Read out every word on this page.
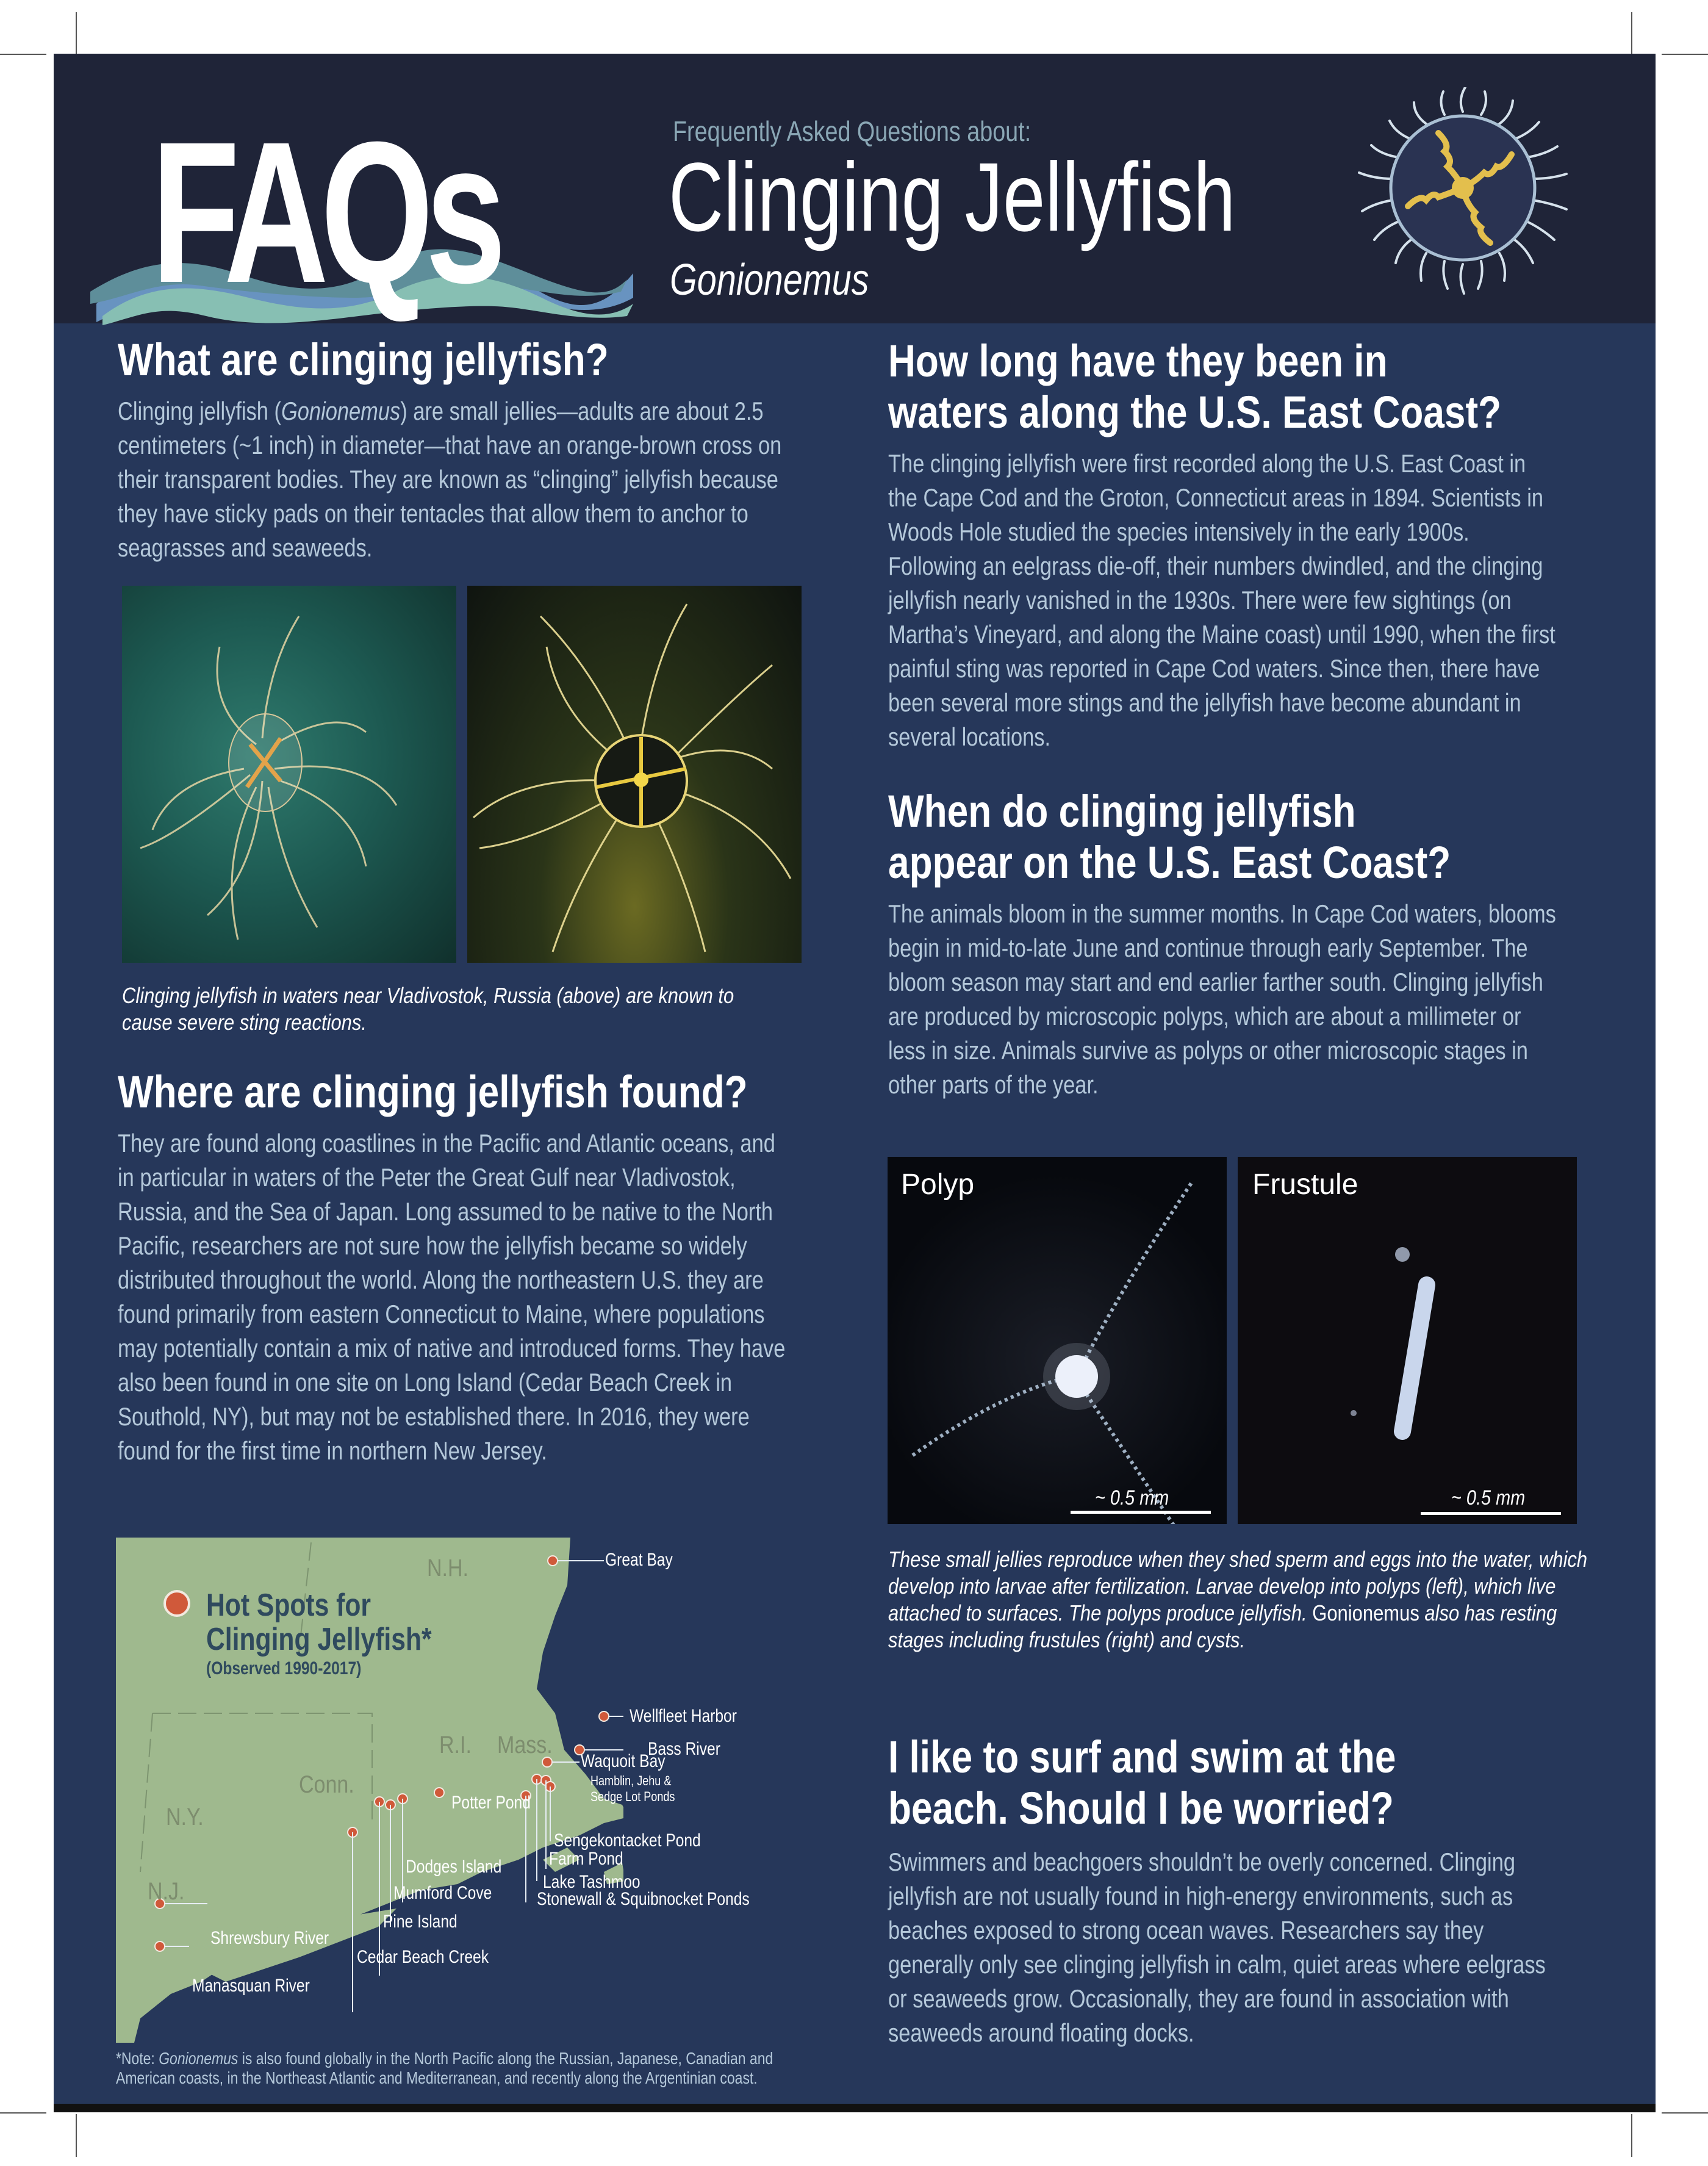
FAQs	Frequently Asked Questions about:
Clinging Jellyfish
Gonionemus
What are clinging jellyfish?

Clinging jellyfish (Gonionemus) are small jellies—adults are about 2.5 centimeters (~1 inch) in diameter—that have an orange-brown cross on their transparent bodies. They are known as “clinging” jellyfish because they have sticky pads on their tentacles that allow them to anchor to seagrasses and seaweeds.

Clinging jellyfish in waters near Vladivostok, Russia (above) are known to cause severe sting reactions.

Where are clinging jellyfish found?

They are found along coastlines in the Pacific and Atlantic oceans, and in particular in waters of the Peter the Great Gulf near Vladivostok, Russia, and the Sea of Japan. Long assumed to be native to the North Pacific, researchers are not sure how the jellyfish became so widely distributed throughout the world. Along the northeastern U.S. they are found primarily from eastern Connecticut to Maine, where populations may potentially contain a mix of native and introduced forms. They have also been found in one site on Long Island (Cedar Beach Creek in Southold, NY), but may not be established there. In 2016, they were found for the first time in northern New Jersey.

Hot Spots for
Clinging Jellyfish*
(Observed 1990-2017)
N.H.
R.I. Mass.
Conn.
N.Y.
N.J.
Great Bay
Wellfleet Harbor
Bass River
Waquoit Bay
Hamblin, Jehu &
Sedge Lot Ponds
Potter Pond
Sengekontacket Pond
Farm Pond
Dodges Island
Lake Tashmoo
Mumford Cove Stonewall & Squibnocket Ponds
Pine Island
Shrewsbury River
Cedar Beach Creek
Manasquan River
*Note: Gonionemus is also found globally in the North Pacific along the Russian, Japanese, Canadian and American coasts, in the Northeast Atlantic and Mediterranean, and recently along the Argentinian coast.
How long have they been in
waters along the U.S. East Coast?

The clinging jellyfish were first recorded along the U.S. East Coast in the Cape Cod and the Groton, Connecticut areas in 1894. Scientists in Woods Hole studied the species intensively in the early 1900s. Following an eelgrass die-off, their numbers dwindled, and the clinging jellyfish nearly vanished in the 1930s. There were few sightings (on Martha’s Vineyard, and along the Maine coast) until 1990, when the first painful sting was reported in Cape Cod waters. Since then, there have been several more stings and the jellyfish have become abundant in several locations.

When do clinging jellyfish
appear on the U.S. East Coast?

The animals bloom in the summer months. In Cape Cod waters, blooms begin in mid-to-late June and continue through early September. The bloom season may start and end earlier farther south. Clinging jellyfish are produced by microscopic polyps, which are about a millimeter or less in size. Animals survive as polyps or other microscopic stages in other parts of the year.

Polyp
~ 0.5 mm
Frustule
~ 0.5 mm

These small jellies reproduce when they shed sperm and eggs into the water, which develop into larvae after fertilization. Larvae develop into polyps (left), which live attached to surfaces. The polyps produce jellyfish. Gonionemus also has resting stages including frustules (right) and cysts.

I like to surf and swim at the
beach. Should I be worried?

Swimmers and beachgoers shouldn’t be overly concerned. Clinging jellyfish are not usually found in high-energy environments, such as beaches exposed to strong ocean waves. Researchers say they generally only see clinging jellyfish in calm, quiet areas where eelgrass or seaweeds grow. Occasionally, they are found in association with seaweeds around floating docks.
